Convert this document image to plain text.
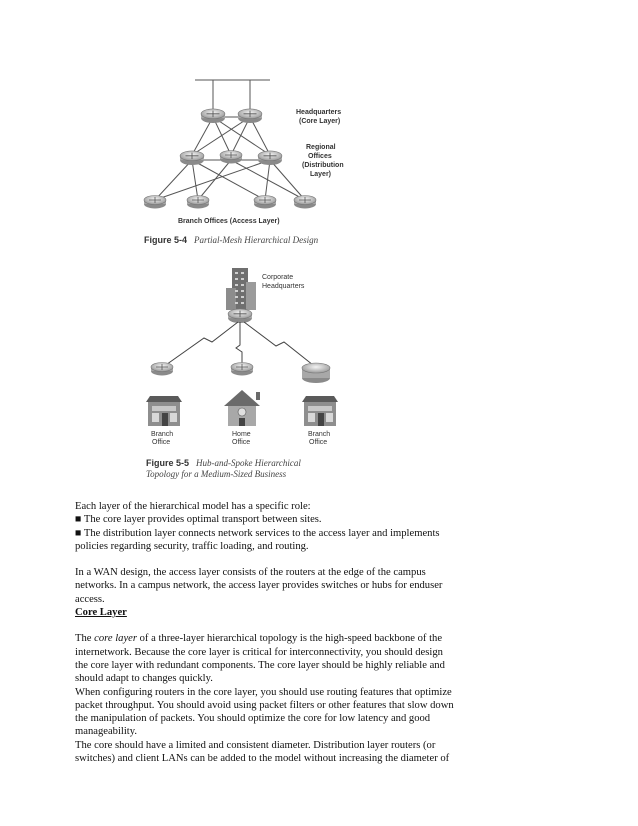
Headquarters
(Core Layer)
Regional
Offices
(Distribution
Layer)
Branch Offices (Access Layer)
Figure 5-4 Partial-Mesh Hierarchical Design
Corporate
Headquarters
Branch
Office
Home
Office
Branch
Office
Figure 5-5 Hub-and-Spoke Hierarchical
Topology for a Medium-Sized Business

Each layer of the hierarchical model has a specific role:

■ The core layer provides optimal transport between sites.

■ The distribution layer connects network services to the access layer and implements

policies regarding security, traffic loading, and routing.

In a WAN design, the access layer consists of the routers at the edge of the campus

networks. In a campus network, the access layer provides switches or hubs for enduser

access.

Core Layer

The core layer of a three-layer hierarchical topology is the high-speed backbone of the

internetwork. Because the core layer is critical for interconnectivity, you should design

the core layer with redundant components. The core layer should be highly reliable and

should adapt to changes quickly.

When configuring routers in the core layer, you should use routing features that optimize

packet throughput. You should avoid using packet filters or other features that slow down

the manipulation of packets. You should optimize the core for low latency and good

manageability.

The core should have a limited and consistent diameter. Distribution layer routers (or

switches) and client LANs can be added to the model without increasing the diameter of
